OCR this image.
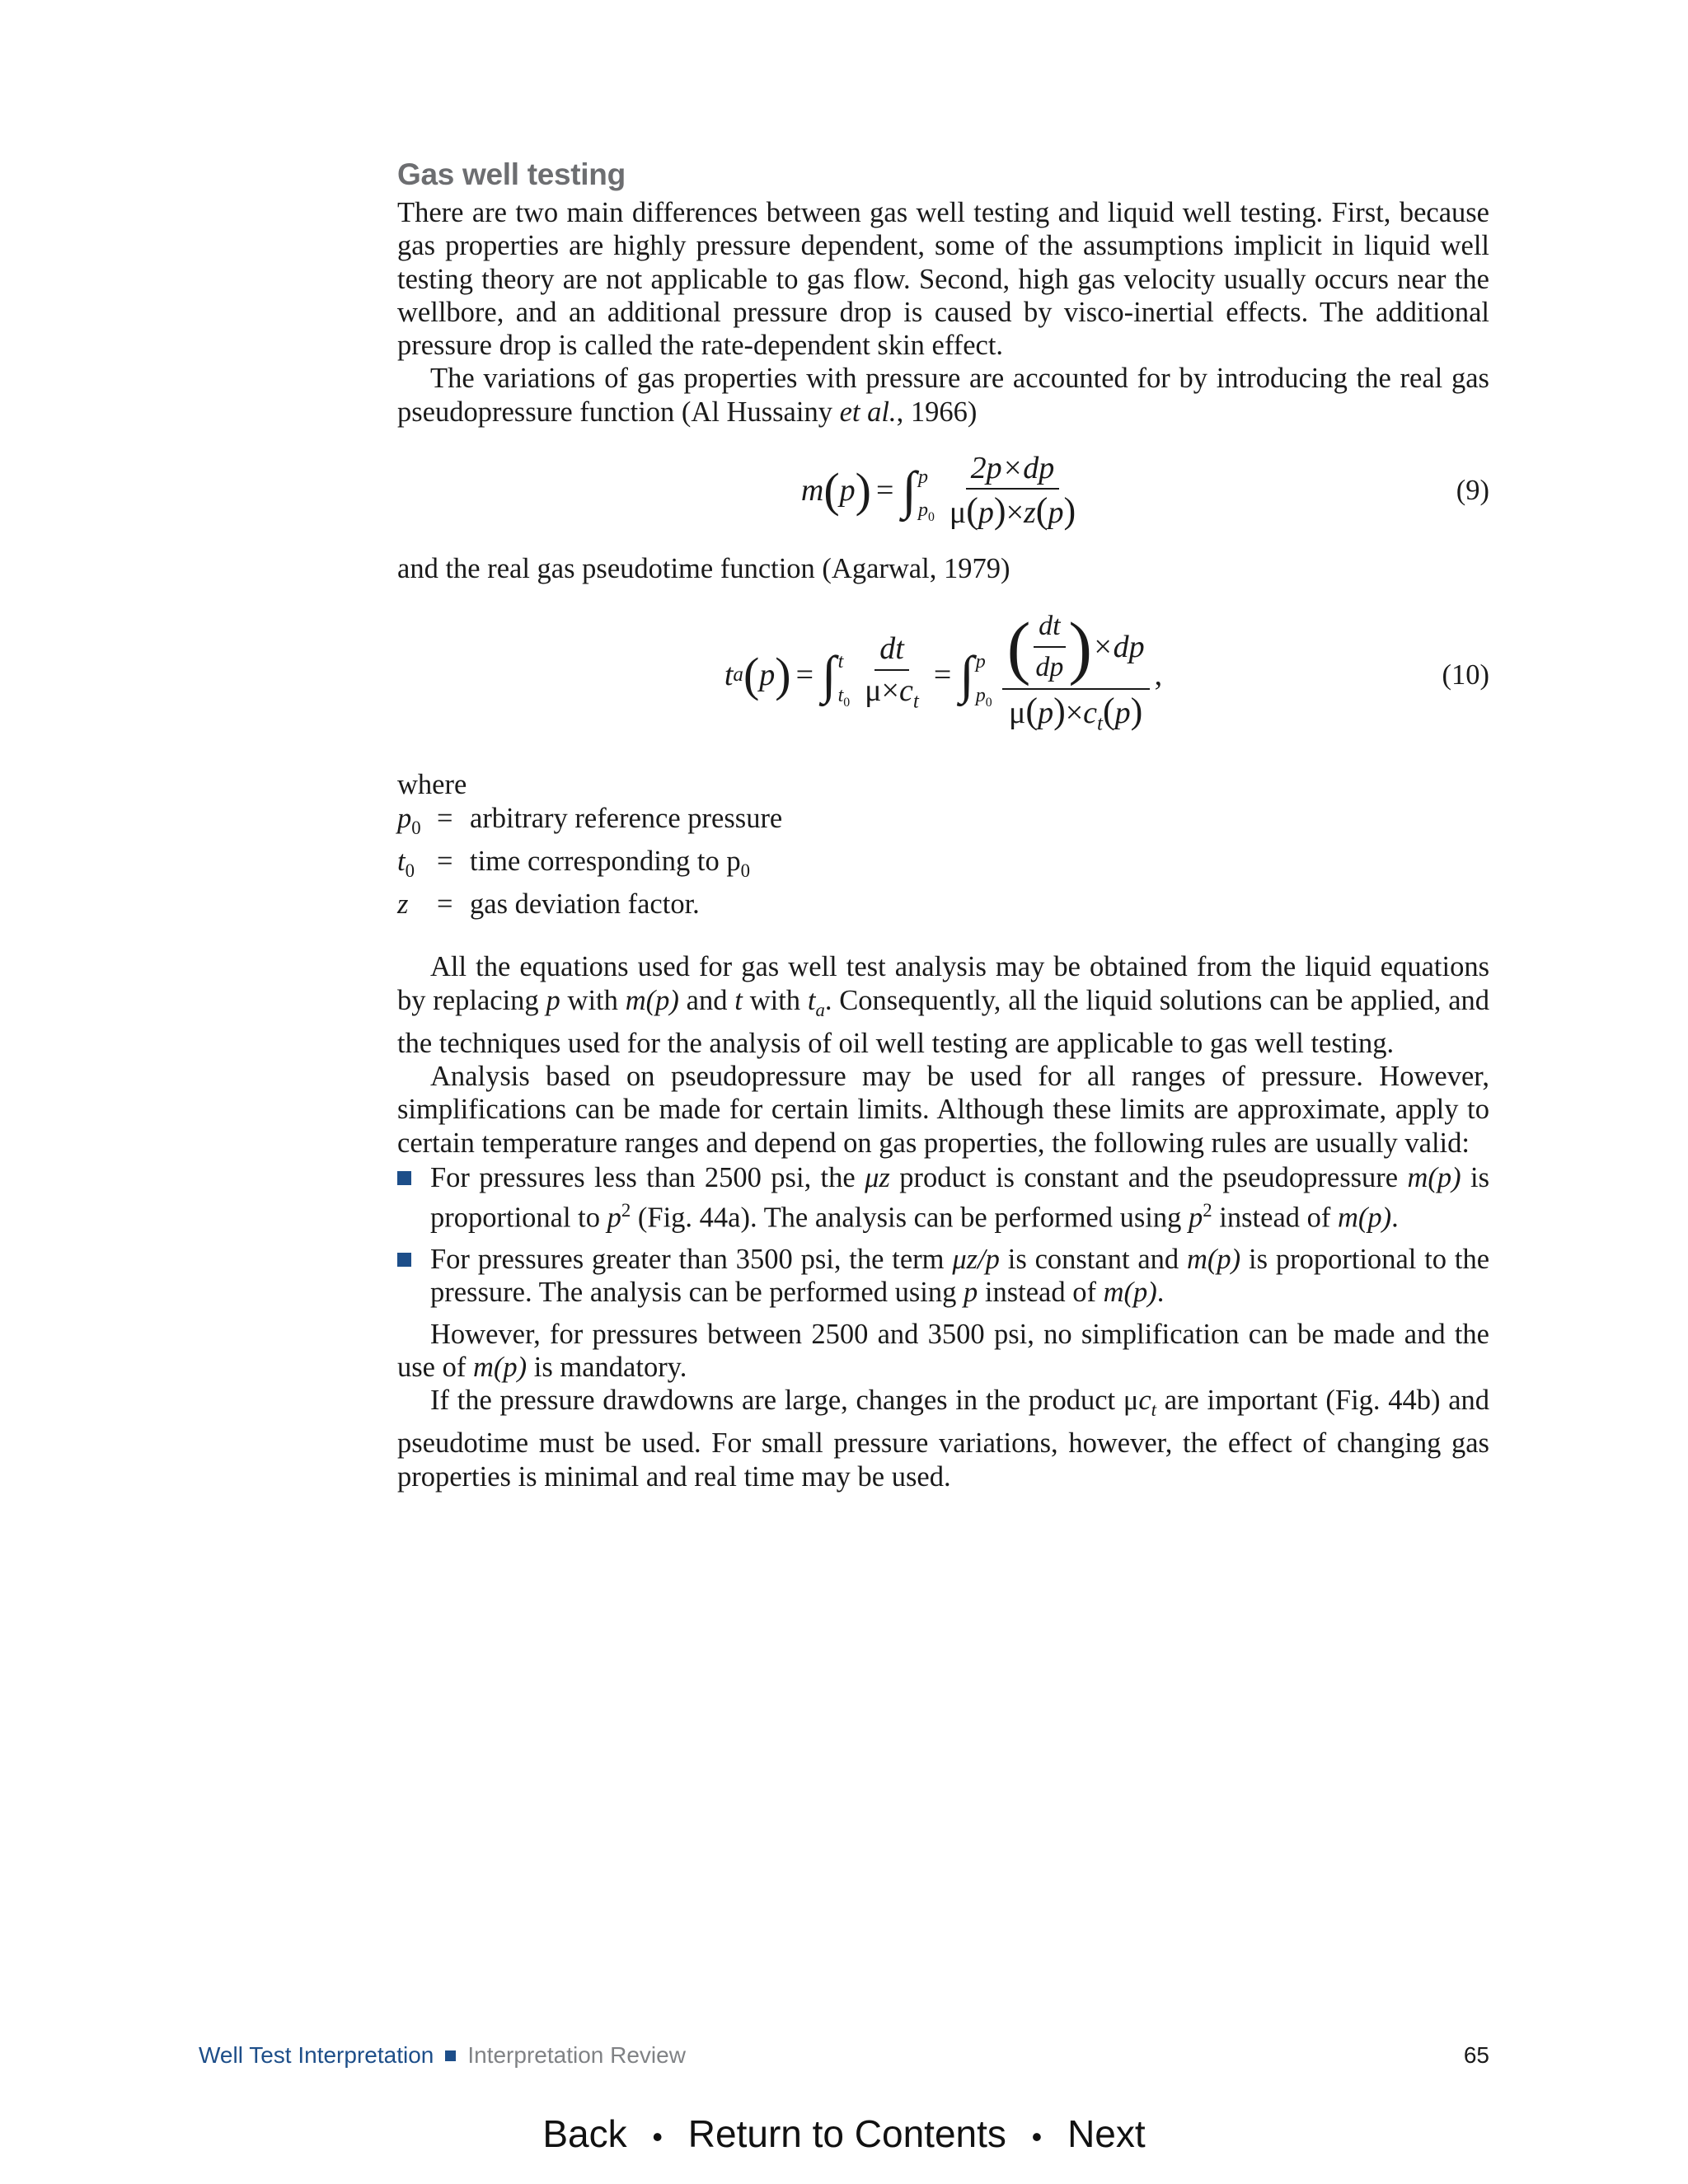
Gas well testing

There are two main differences between gas well testing and liquid well testing. First, because gas properties are highly pressure dependent, some of the assumptions implicit in liquid well testing theory are not applicable to gas flow. Second, high gas velocity usually occurs near the wellbore, and an additional pressure drop is caused by visco-inertial effects. The additional pressure drop is called the rate-dependent skin effect.

The variations of gas properties with pressure are accounted for by introducing the real gas pseudopressure function (Al Hussainy et al., 1966)

m ( p ) = ∫ p
$p_0 \frac{2p\times dp}{\mu(p)\times z(p)}$	(9)

and the real gas pseudotime function (Agarwal, 1979)

t a ( p ) = ∫ t
$t_0 \frac{dt}{\mu\times c_t}$ = ∫ p
$p_0$
( $\frac{dt}{dp}$ ) ×dp
$\mu(p)\times c_t(p)$
,	(10)

where

$p_0$ = arbitrary reference pressure
$t_0$ = time corresponding to $p_0$
z	= gas deviation factor.

All the equations used for gas well test analysis may be obtained from the liquid equations by replacing p with m(p) and t with $t_a$. Consequently, all the liquid solutions can be applied, and the techniques used for the analysis of oil well testing are applicable to gas well testing.

Analysis based on pseudopressure may be used for all ranges of pressure. However, simplifications can be made for certain limits. Although these limits are approximate, apply to certain temperature ranges and depend on gas properties, the following rules are usually valid:

For pressures less than 2500 psi, the μz product is constant and the pseudopressure m(p) is proportional to $p^2$ (Fig. 44a). The analysis can be performed using $p^2$ instead of m(p).
For pressures greater than 3500 psi, the term μz/p is constant and m(p) is proportional to the pressure. The analysis can be performed using p instead of m(p).

However, for pressures between 2500 and 3500 psi, no simplification can be made and the use of m(p) is mandatory.

If the pressure drawdowns are large, changes in the product $\mu c_t$ are important (Fig. 44b) and pseudotime must be used. For small pressure variations, however, the effect of changing gas properties is minimal and real time may be used.

Well Test Interpretation Interpretation Review	65
Back • Return to Contents • Next
